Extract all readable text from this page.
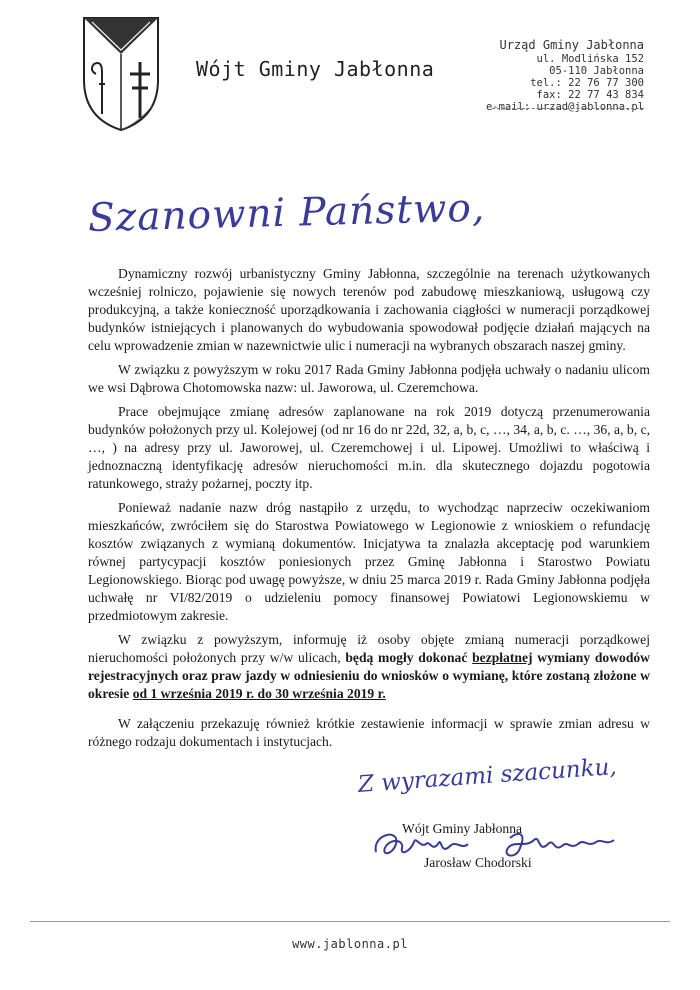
Wójt Gminy Jabłonna
Urząd Gminy Jabłonna
ul. Modlińska 152
05-110 Jabłonna
tel.: 22 76 77 300
fax: 22 77 43 834
e-mail: urzad@jablonna.pl
Szanowni Państwo,

Dynamiczny rozwój urbanistyczny Gminy Jabłonna, szczególnie na terenach użytkowanych wcześniej rolniczo, pojawienie się nowych terenów pod zabudowę mieszkaniową, usługową czy produkcyjną, a także konieczność uporządkowania i zachowania ciągłości w numeracji porządkowej budynków istniejących i planowanych do wybudowania spowodował podjęcie działań mających na celu wprowadzenie zmian w nazewnictwie ulic i numeracji na wybranych obszarach naszej gminy.

W związku z powyższym w roku 2017 Rada Gminy Jabłonna podjęła uchwały o nadaniu ulicom we wsi Dąbrowa Chotomowska nazw: ul. Jaworowa, ul. Czeremchowa.

Prace obejmujące zmianę adresów zaplanowane na rok 2019 dotyczą przenumerowania budynków położonych przy ul. Kolejowej (od nr 16 do nr 22d, 32, a, b, c, …, 34, a, b, c. …, 36, a, b, c, …, ) na adresy przy ul. Jaworowej, ul. Czeremchowej i ul. Lipowej. Umożliwi to właściwą i jednoznaczną identyfikację adresów nieruchomości m.in. dla skutecznego dojazdu pogotowia ratunkowego, straży pożarnej, poczty itp.

Ponieważ nadanie nazw dróg nastąpiło z urzędu, to wychodząc naprzeciw oczekiwaniom mieszkańców, zwróciłem się do Starostwa Powiatowego w Legionowie z wnioskiem o refundację kosztów związanych z wymianą dokumentów. Inicjatywa ta znalazła akceptację pod warunkiem równej partycypacji kosztów poniesionych przez Gminę Jabłonna i Starostwo Powiatu Legionowskiego. Biorąc pod uwagę powyższe, w dniu 25 marca 2019 r. Rada Gminy Jabłonna podjęła uchwałę nr VI/82/2019 o udzieleniu pomocy finansowej Powiatowi Legionowskiemu w przedmiotowym zakresie.

W związku z powyższym, informuję iż osoby objęte zmianą numeracji porządkowej nieruchomości położonych przy w/w ulicach, będą mogły dokonać bezpłatnej wymiany dowodów rejestracyjnych oraz praw jazdy w odniesieniu do wniosków o wymianę, które zostaną złożone w okresie od 1 września 2019 r. do 30 września 2019 r.

W załączeniu przekazuję również krótkie zestawienie informacji w sprawie zmian adresu w różnego rodzaju dokumentach i instytucjach.

Z wyrazami szacunku,
Wójt Gminy Jabłonna
Jarosław Chodorski
www.jablonna.pl
